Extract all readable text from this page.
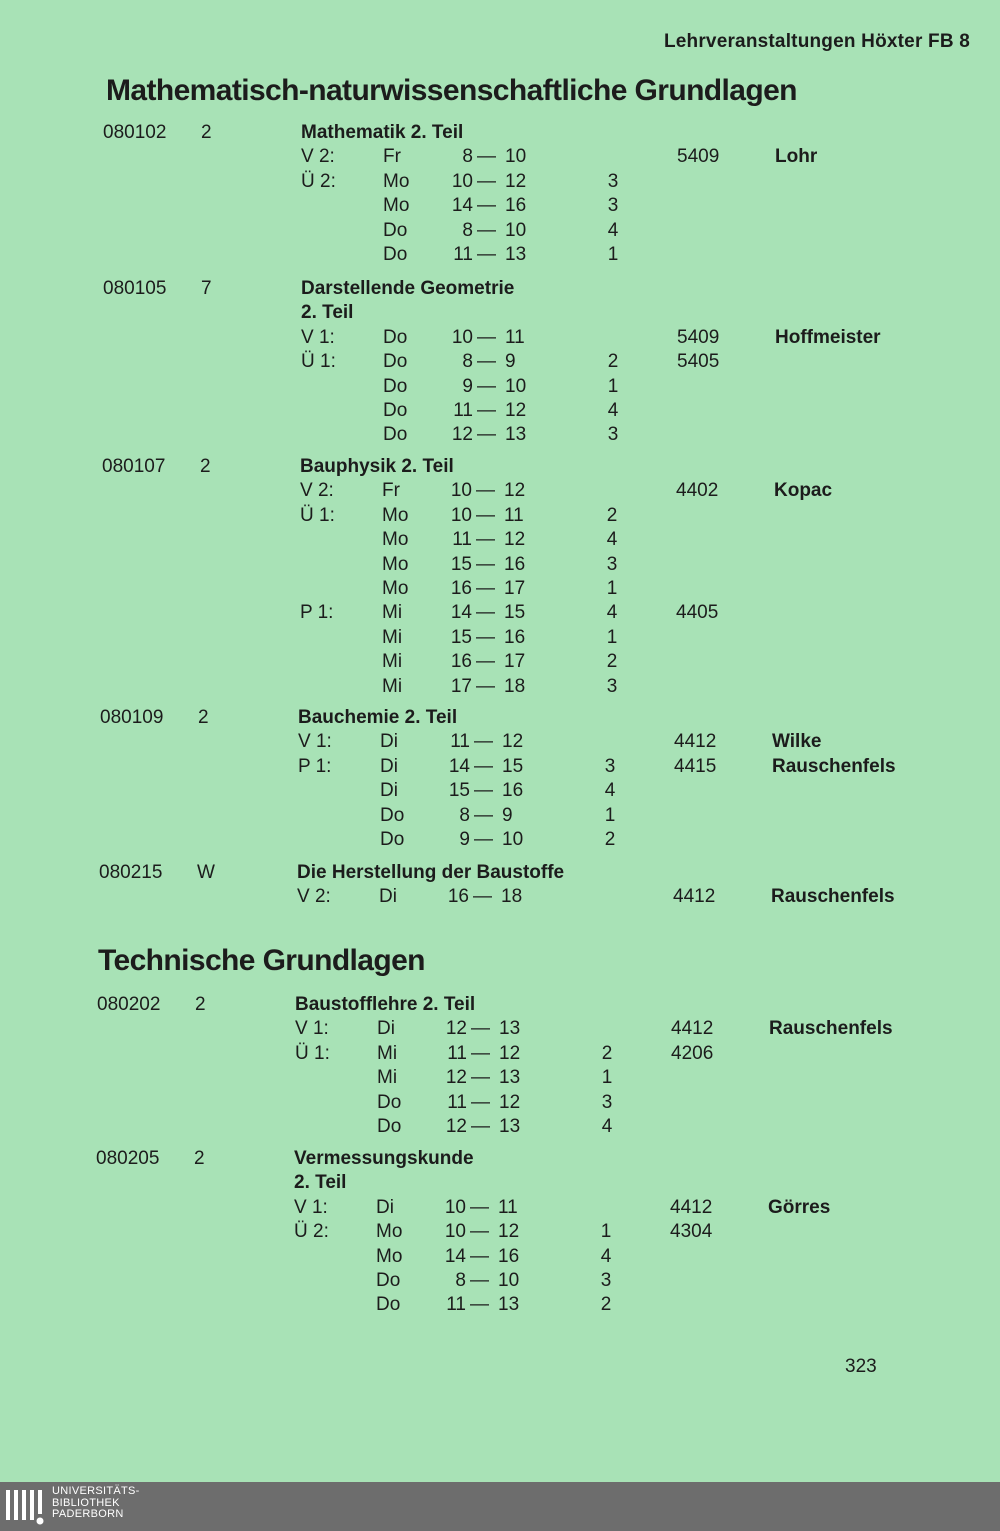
Lehrveranstaltungen Höxter FB 8
Mathematisch-naturwissenschaftliche Grundlagen
080102 2	Mathematik 2. Teil
V 2:	Fr	8 — 10	5409	Lohr
Ü 2: Mo	10 — 12	3
Mo	14 — 16	3
Do	8 — 10	4
Do	11 — 13	1
080105 7	Darstellende Geometrie
2. Teil
V 1:	Do	10 — 11	5409	Hoffmeister
Ü 1: Do	8 — 9	2	5405
Do	9 — 10	1
Do	11 — 12	4
Do	12 — 13	3
080107 2	Bauphysik 2. Teil
V 2:	Fr	10 — 12	4402	Kopac
Ü 1: Mo	10 — 11	2
Mo	11 — 12	4
Mo	15 — 16	3
Mo	16 — 17	1
P 1:	Mi	14 — 15	4	4405
Mi	15 — 16	1
Mi	16 — 17	2
Mi	17 — 18	3
080109 2	Bauchemie 2. Teil
V 1:	Di	11 — 12	4412	Wilke
P 1:	Di	14 — 15	3	4415	Rauschenfels
Di	15 — 16	4
Do	8 — 9	1
Do	9 — 10	2
080215 W	Die Herstellung der Baustoffe
V 2:	Di	16 — 18	4412	Rauschenfels
Technische Grundlagen
080202 2	Baustofflehre 2. Teil
V 1:	Di	12 — 13	4412	Rauschenfels
Ü 1: Mi	11 — 12	2	4206
Mi	12 — 13	1
Do	11 — 12	3
Do	12 — 13	4
080205 2	Vermessungskunde
2. Teil
V 1:	Di	10 — 11	4412	Görres
Ü 2: Mo	10 — 12	1	4304
Mo	14 — 16	4
Do	8 — 10	3
Do	11 — 13	2
323
UNIVERSITÄTS-
BIBLIOTHEK
PADERBORN
